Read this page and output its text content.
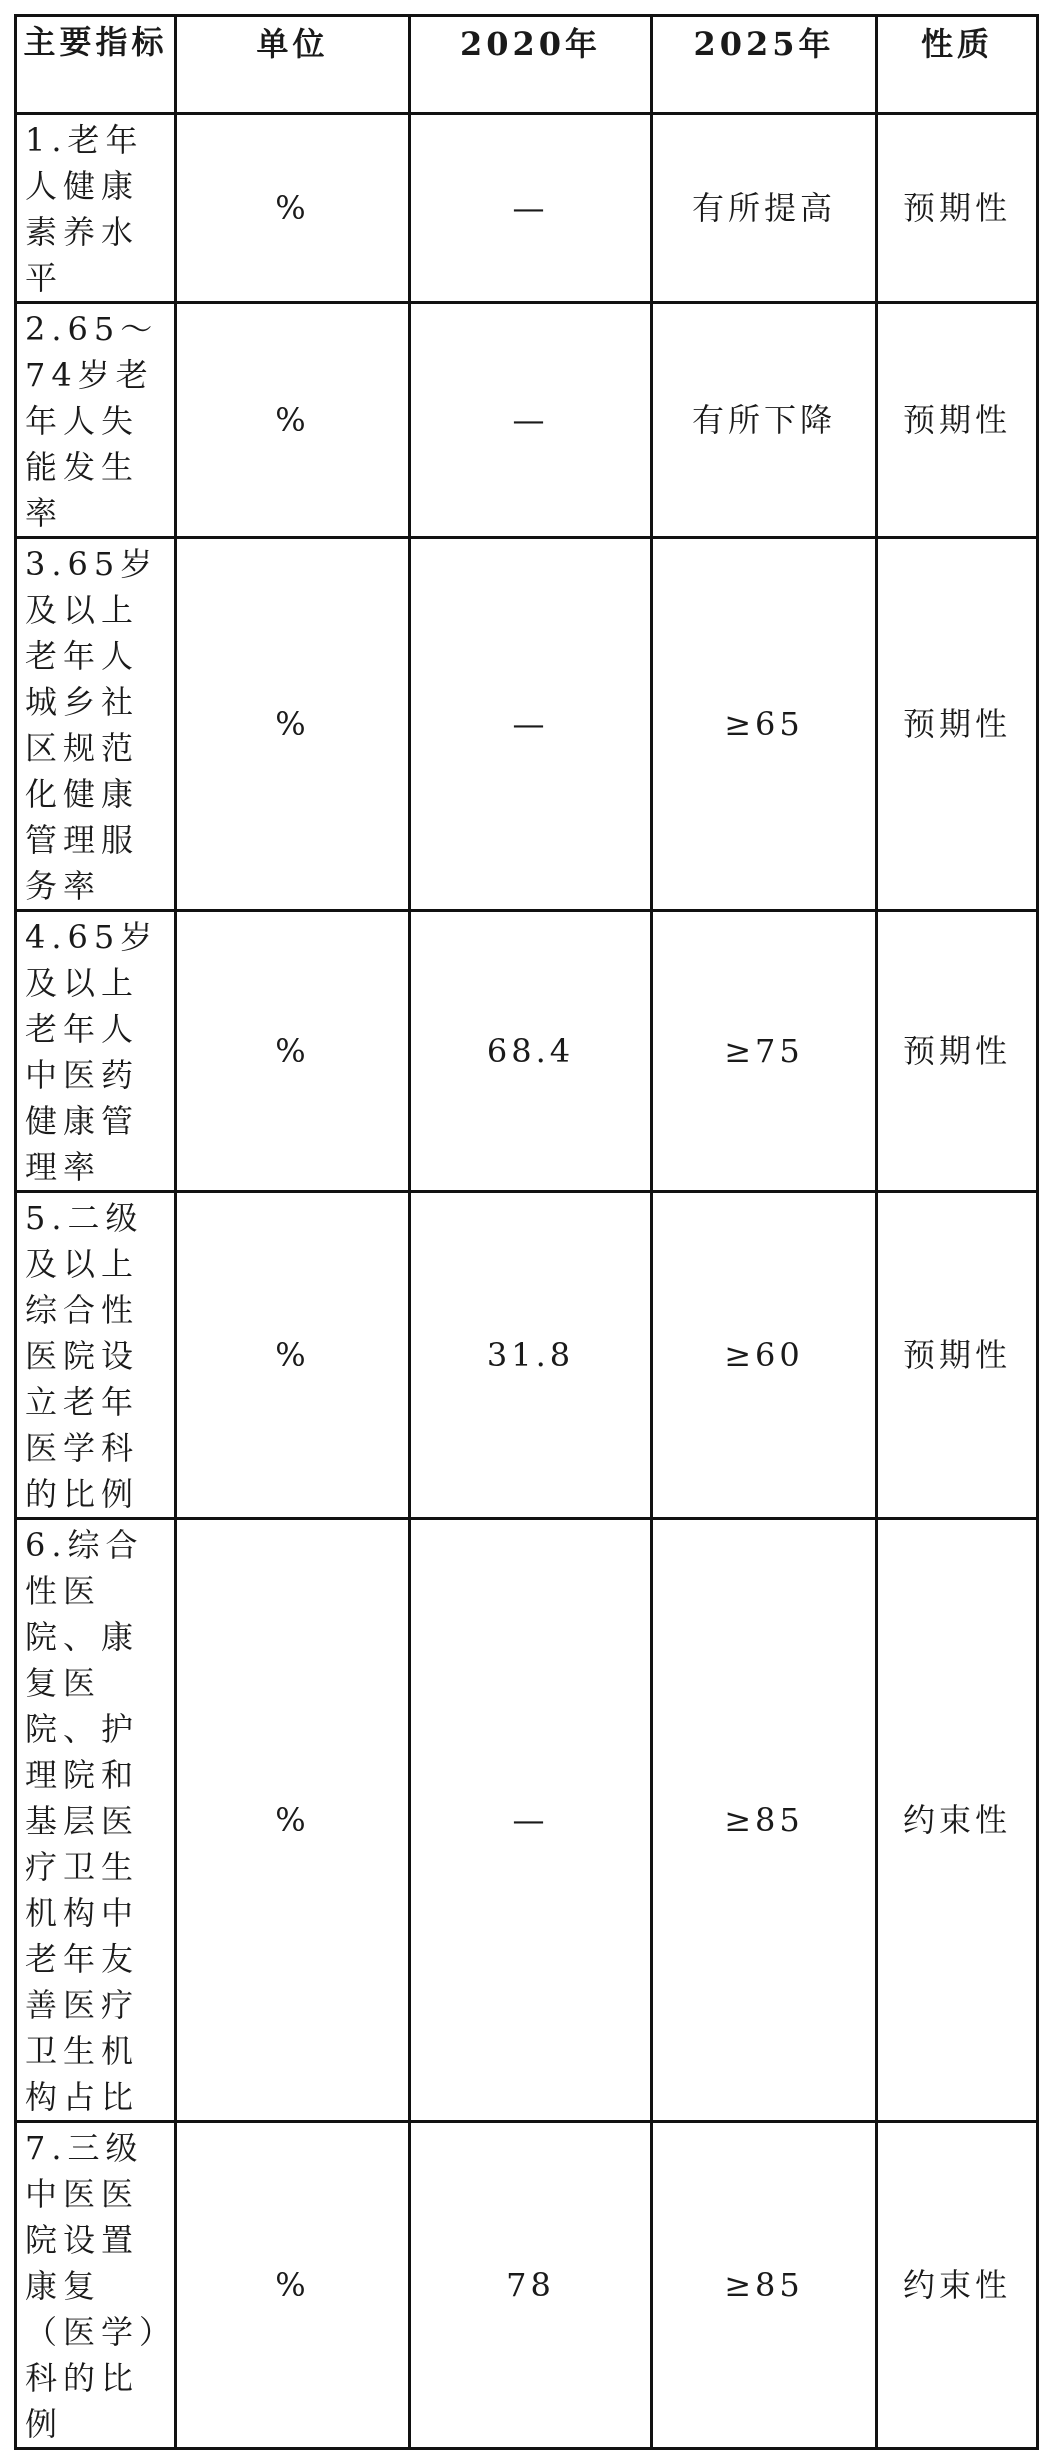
主要指标	单位	2020年	2025年	性质

1.老年人健康素养水平	%	—	有所提高	预期性

2.65～74岁老年人失能发生率	%	—	有所下降	预期性

3.65岁及以上老年人城乡社区规范化健康管理服务率	%	—	≥65	预期性

4.65岁及以上老年人中医药健康管理率	%	68.4	≥75	预期性

5.二级及以上综合性医院设立老年医学科的比例	%	31.8	≥60	预期性

6.综合性医院、康复医院、护理院和基层医疗卫生机构中老年友善医疗卫生机构占比	%	—	≥85	约束性

7.三级中医医院设置康复（医学）科的比例	%	78	≥85	约束性
